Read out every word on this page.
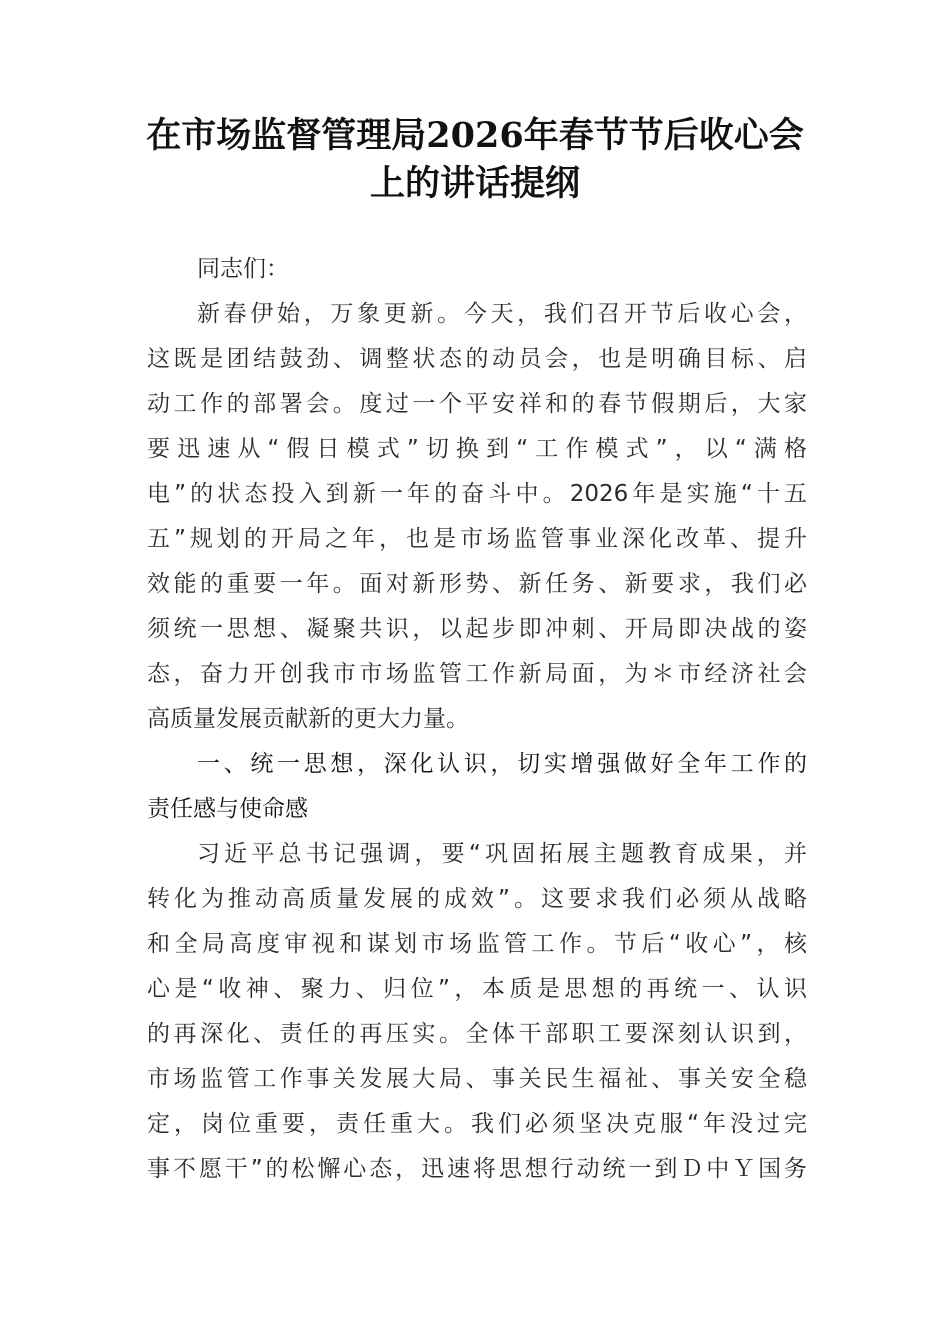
在市场监督管理局2026年春节节后收心会
上的讲话提纲
同志们：
新春伊始，万象更新。今天，我们召开节后收心会，
这既是团结鼓劲、调整状态的动员会，也是明确目标、启
动工作的部署会。度过一个平安祥和的春节假期后，大家
要迅速从“假日模式”切换到“工作模式”，以“满格
电”的状态投入到新一年的奋斗中。2026年是实施“十五
五”规划的开局之年，也是市场监管事业深化改革、提升
效能的重要一年。面对新形势、新任务、新要求，我们必
须统一思想、凝聚共识，以起步即冲刺、开局即决战的姿
态，奋力开创我市市场监管工作新局面，为＊市经济社会
高质量发展贡献新的更大力量。
一、统一思想，深化认识，切实增强做好全年工作的
责任感与使命感
习近平总书记强调，要“巩固拓展主题教育成果，并
转化为推动高质量发展的成效”。这要求我们必须从战略
和全局高度审视和谋划市场监管工作。节后“收心”，核
心是“收神、聚力、归位”，本质是思想的再统一、认识
的再深化、责任的再压实。全体干部职工要深刻认识到，
市场监管工作事关发展大局、事关民生福祉、事关安全稳
定，岗位重要，责任重大。我们必须坚决克服“年没过完
事不愿干”的松懈心态，迅速将思想行动统一到Ｄ中Ｙ国务
